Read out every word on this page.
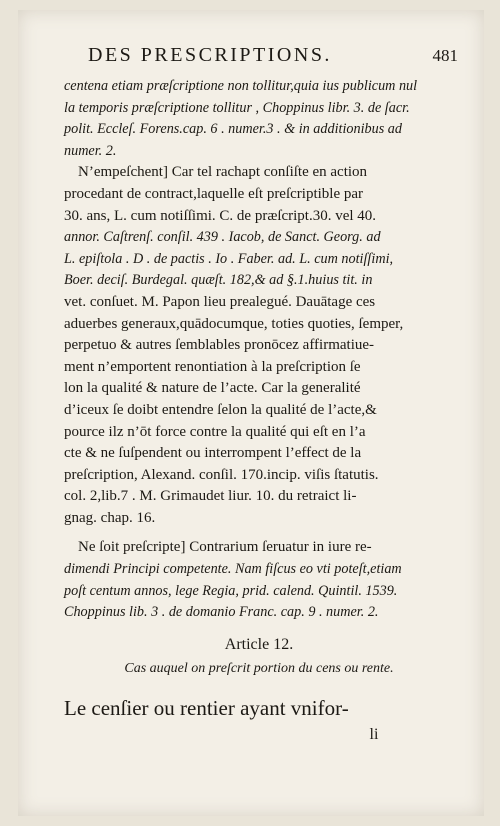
DES PRESCRIPTIONS.	481
centena etiam præſcriptione non tollitur,quia ius publicum nul
la temporis præſcriptione tollitur , Choppinus libr. 3. de ſacr.
polit. Eccleſ. Forens.cap. 6 . numer.3 . & in additionibus ad
numer. 2.
N’empeſchent] Car tel rachapt conſiſte en action
procedant de contract,laquelle eſt preſcriptible par
30. ans, L. cum notiſſimi. C. de præſcript.30. vel 40.
annor. Caſtrenſ. conſil. 439 . Iacob, de Sanct. Georg. ad
L. epiſtola . D . de pactis . Io . Faber. ad. L. cum notiſſimi,
Boer. deciſ. Burdegal. quæſt. 182,& ad §.1.huius tit. in
vet. conſuet. M. Papon lieu prealegué. Dauātage ces
aduerbes generaux,quādocumque, toties quoties, ſemper,
perpetuo & autres ſemblables pronōcez affirmatiue-
ment n’emportent renontiation à la preſcription ſe
lon la qualité & nature de l’acte. Car la generalité
d’iceux ſe doibt entendre ſelon la qualité de l’acte,&
pource ilz n’ōt force contre la qualité qui eſt en l’a
cte & ne ſuſpendent ou interrompent l’effect de la
preſcription, Alexand. conſil. 170.incip. viſis ſtatutis.
col. 2,lib.7 . M. Grimaudet liur. 10. du retraict li-
gnag. chap. 16.
Ne ſoit preſcripte] Contrarium ſeruatur in iure re-
dimendi Principi competente. Nam fiſcus eo vti poteſt,etiam
poſt centum annos, lege Regia, prid. calend. Quintil. 1539.
Choppinus lib. 3 . de domanio Franc. cap. 9 . numer. 2.
Article 12.
Cas auquel on preſcrit portion du cens ou rente.
Le cenſier ou rentier ayant vnifor-
li
